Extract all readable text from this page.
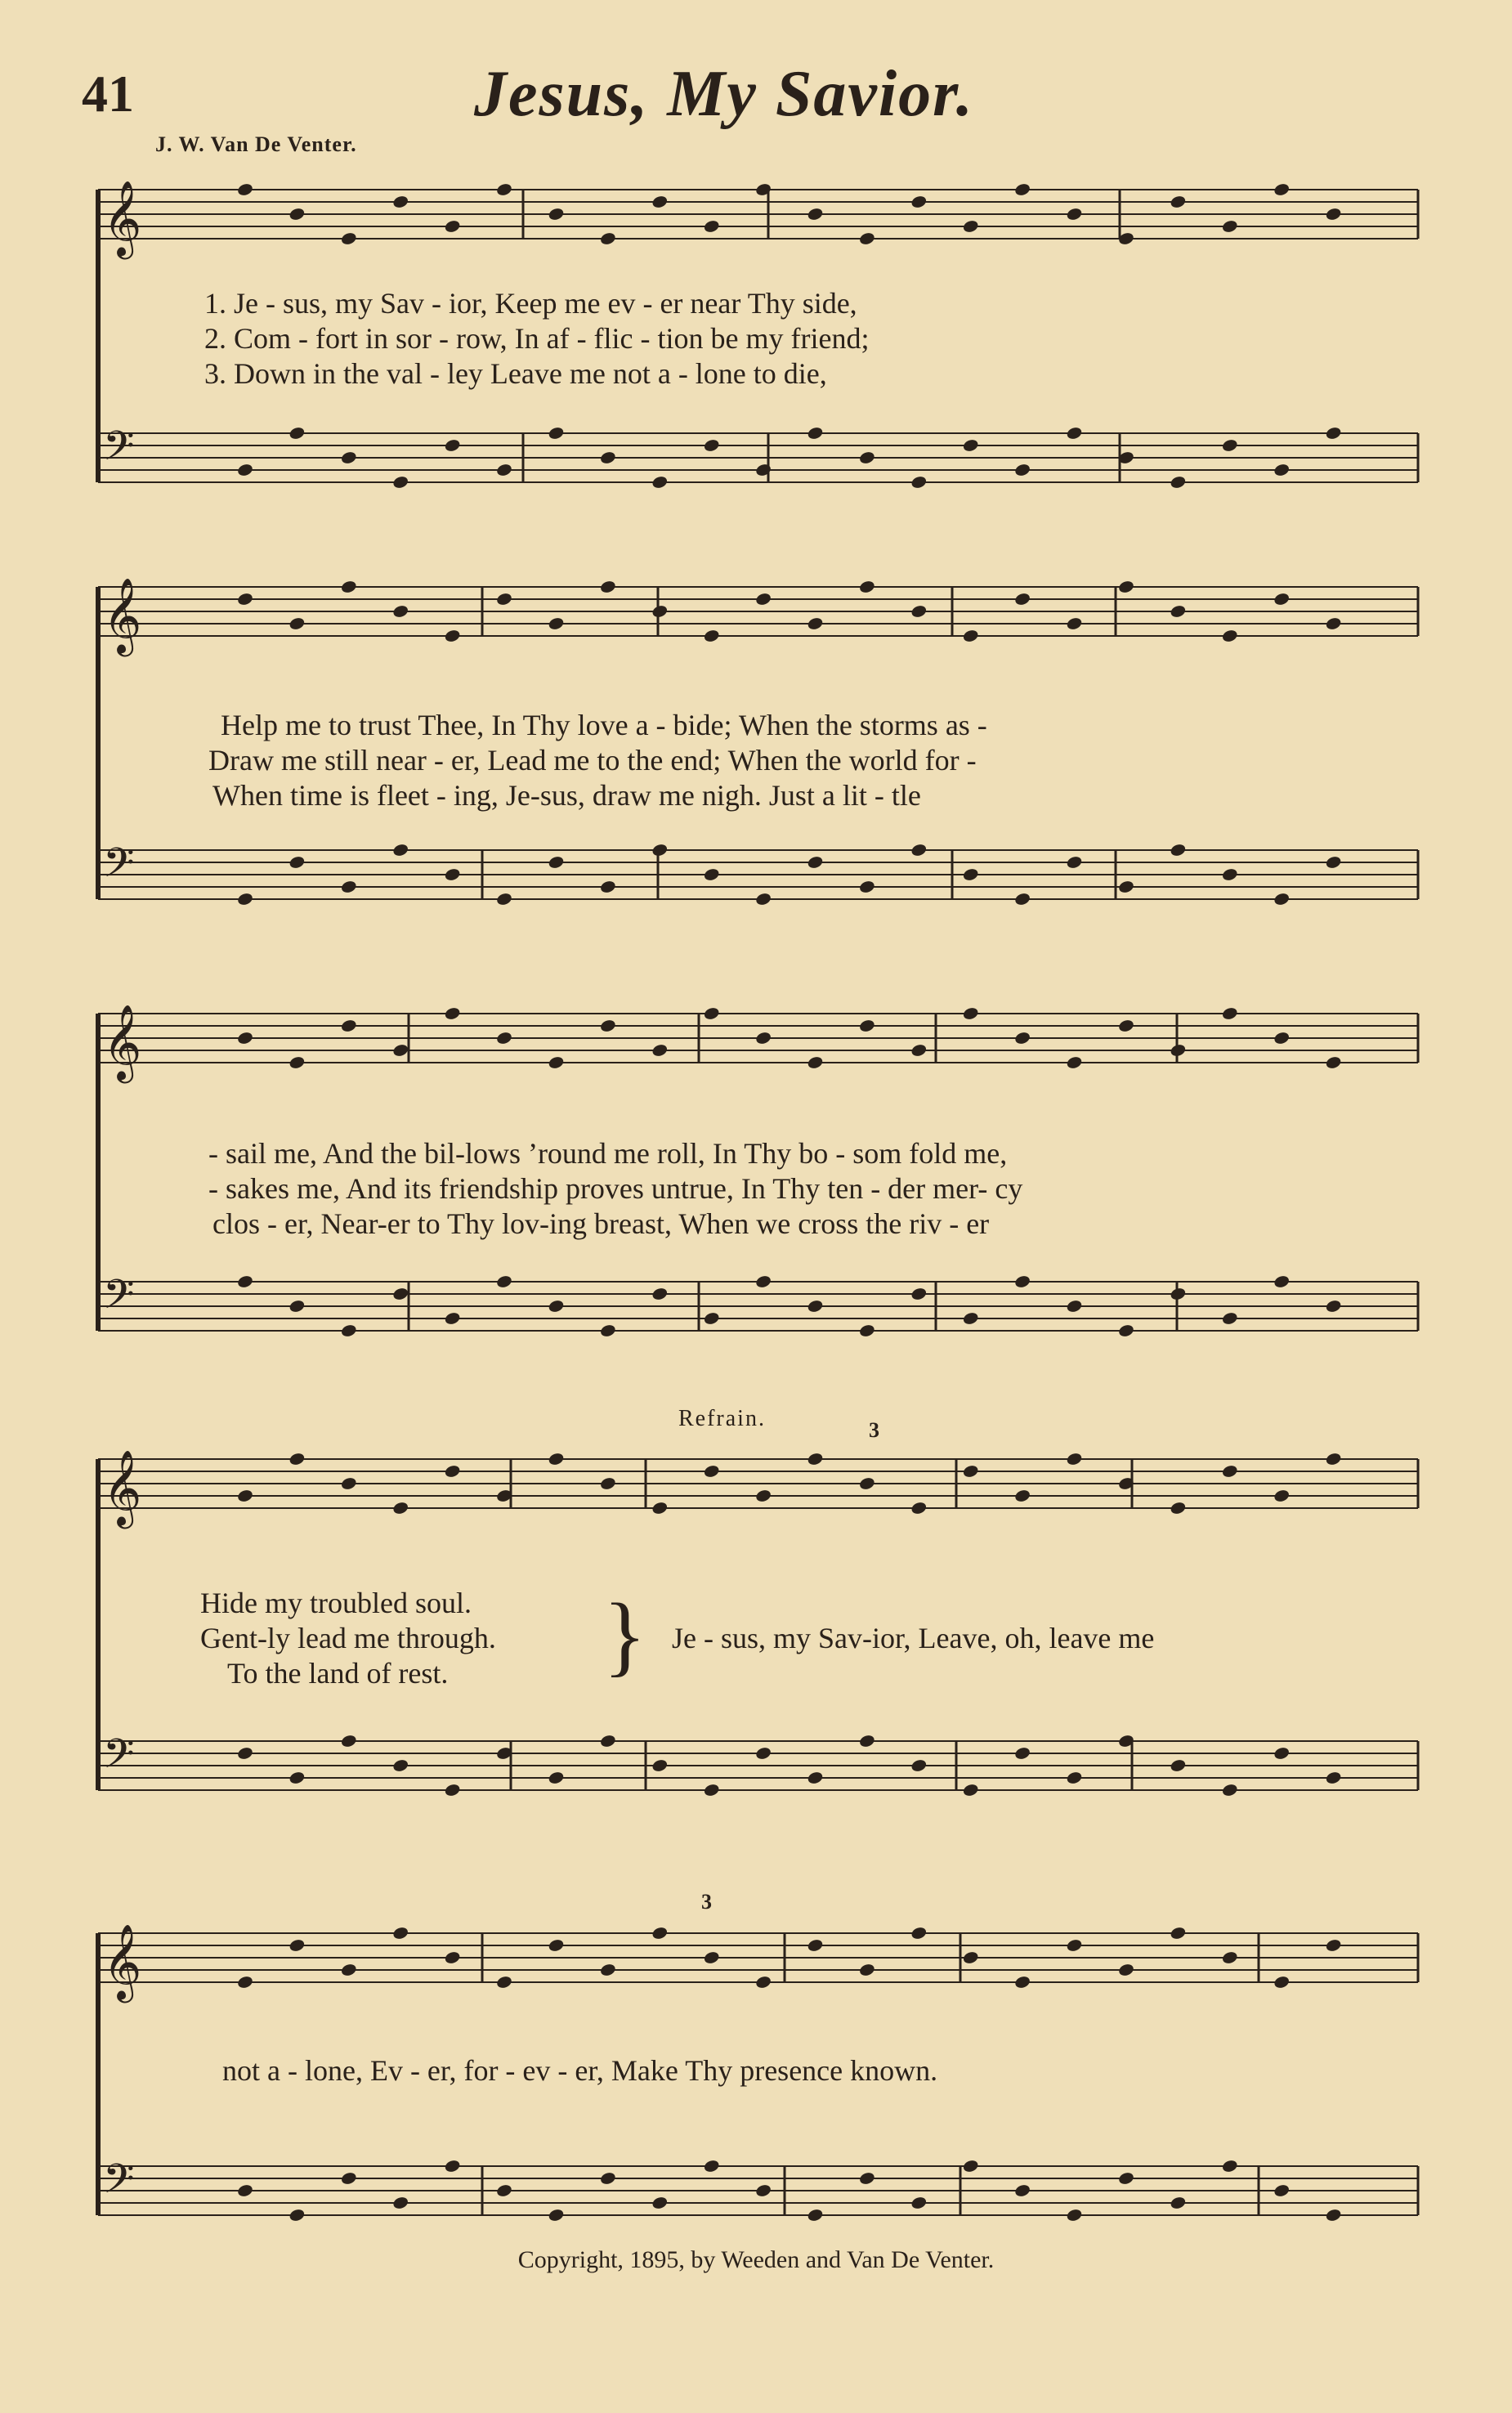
41	Jesus, My Savior.
J. W. Van De Venter.
𝄞
𝄢
𝄞
𝄢
𝄞
𝄢
𝄞
𝄢
𝄞
𝄢
1. Je - sus, my Sav - ior, Keep me ev - er near Thy side,
2. Com - fort in sor - row, In af - flic - tion be my friend;
3. Down in the val - ley Leave me not a - lone to die,
Help me to trust Thee, In Thy love a - bide; When the storms as -
Draw me still near - er, Lead me to the end; When the world for -
When time is fleet - ing, Je-sus, draw me nigh. Just a lit - tle
- sail me, And the bil-lows ’round me roll, In Thy bo - som fold me,
- sakes me, And its friendship proves untrue, In Thy ten - der mer- cy
clos - er, Near-er to Thy lov-ing breast, When we cross the riv - er
Refrain.	3
Hide my troubled soul.
Gent-ly lead me through.
To the land of rest. } Je - sus, my Sav-ior, Leave, oh, leave me
3
not a - lone, Ev - er, for - ev - er, Make Thy presence known.
Copyright, 1895, by Weeden and Van De Venter.
